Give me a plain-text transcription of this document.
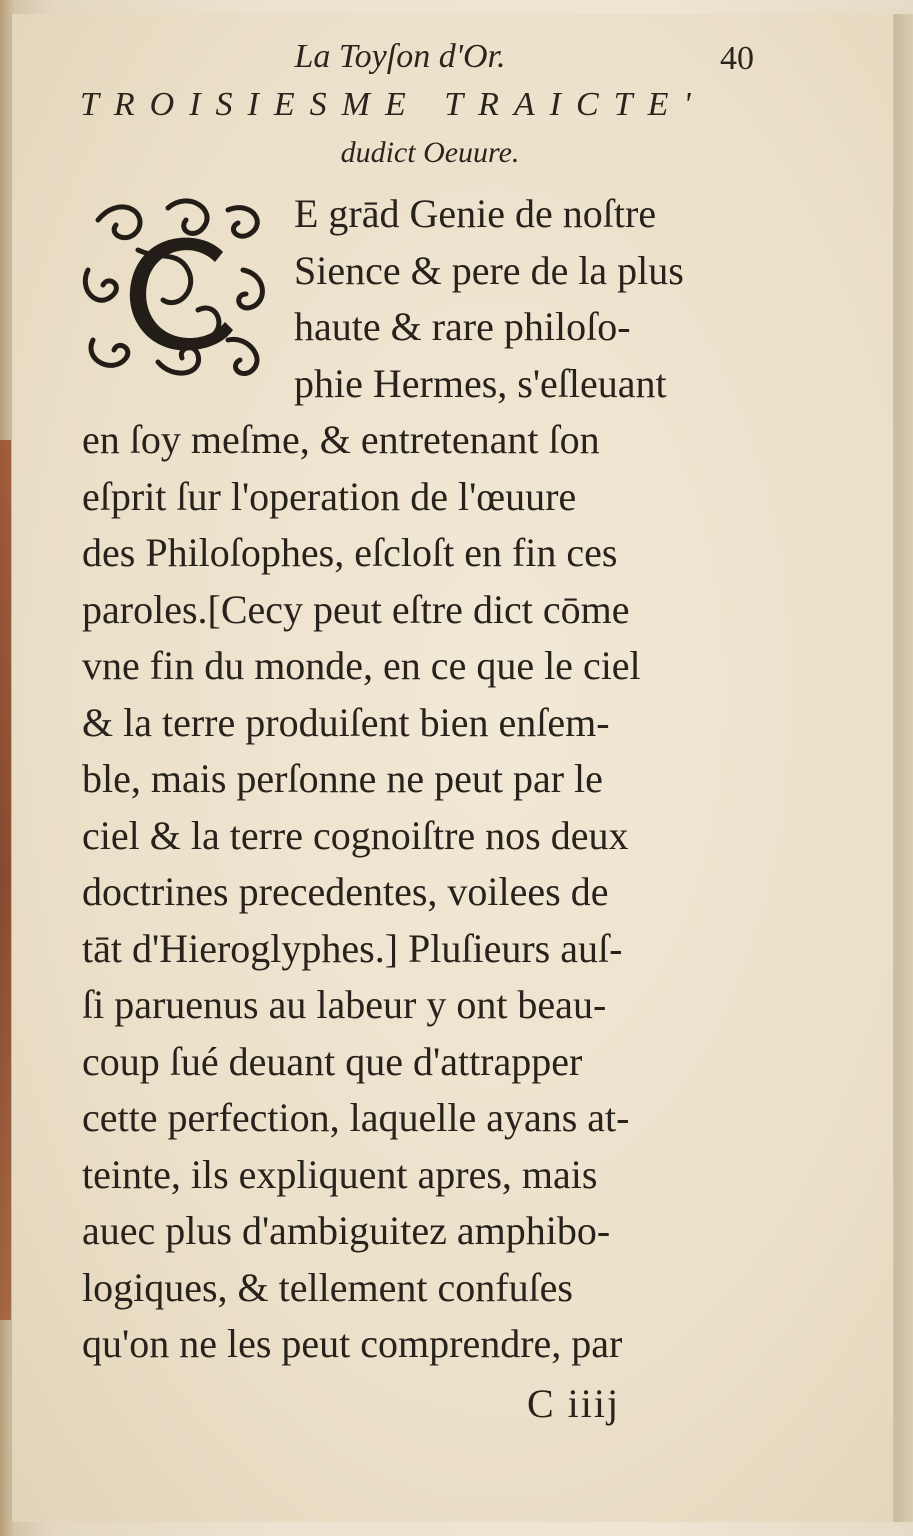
La Toyſon d'Or.	40
TROISIESME TRAICTE'
dudict Oeuure.
E grād Genie de noſtre
Sience & pere de la plus
haute & rare philoſo-
phie Hermes, s'eſleuant
en ſoy meſme, & entretenant ſon
eſprit ſur l'operation de l'œuure
des Philoſophes, eſcloſt en fin ces
paroles.[Cecy peut eſtre dict cōme
vne fin du monde, en ce que le ciel
& la terre produiſent bien enſem-
ble, mais perſonne ne peut par le
ciel & la terre cognoiſtre nos deux
doctrines precedentes, voilees de
tāt d'Hieroglyphes.] Pluſieurs auſ-
ſi paruenus au labeur y ont beau-
coup ſué deuant que d'attrapper
cette perfection, laquelle ayans at-
teinte, ils expliquent apres, mais
auec plus d'ambiguitez amphibo-
logiques, & tellement confuſes
qu'on ne les peut comprendre, par
C iiij
